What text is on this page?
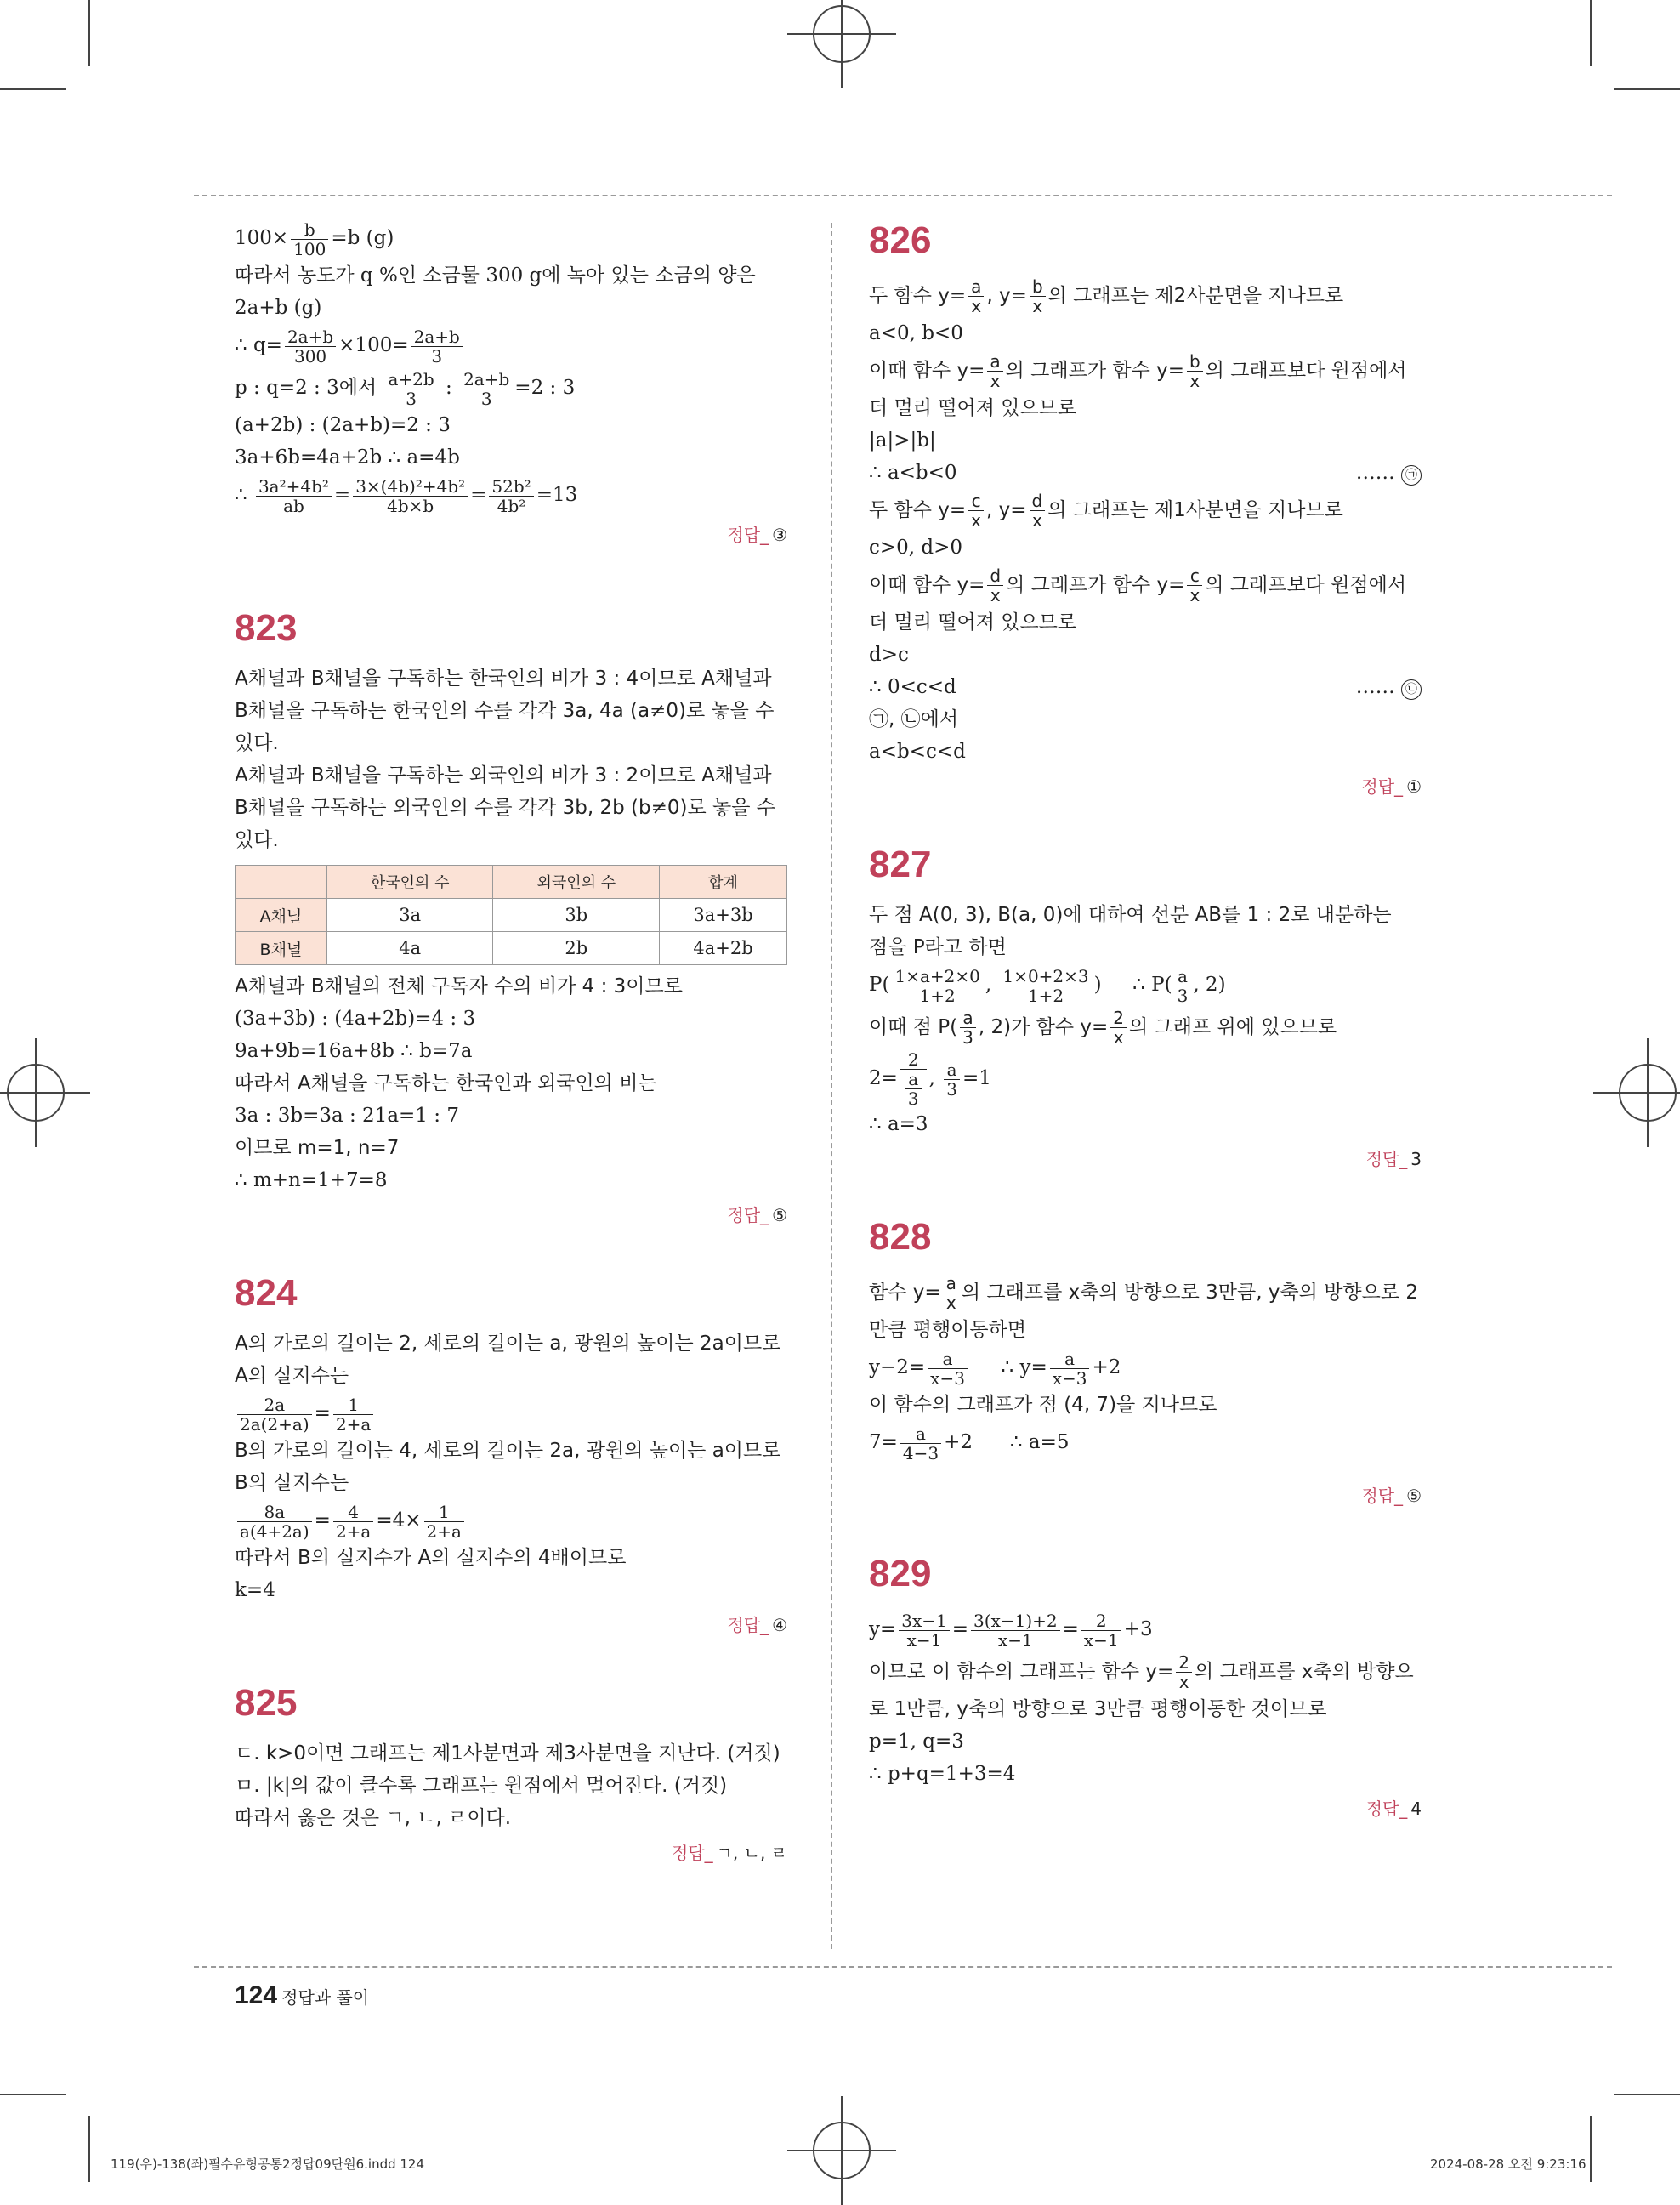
$100\times \frac{b}{100} =b$ (g)
따라서 농도가 q %인 소금물 300 g에 녹아 있는 소금의 양은
2a+b (g)
∴ $q= \frac{2a+b}{300} \times 100= \frac{2a+b}{3}$
p : q=2 : 3에서 $\frac{a+2b}{3}$ : $\frac{2a+b}{3} =2$ : 3
(a+2b) : (2a+b)=2 : 3
3a+6b=4a+2b ∴ a=4b
∴ $\frac{\text{3a²+4b²}}{ab} = \frac{\text{3×(4b)²+4b²}}{4b\times b} = \frac{\text{52b²}}{\text{4b²}} =13$
정답_ ③
823
A채널과 B채널을 구독하는 한국인의 비가 3 : 4이므로 A채널과
B채널을 구독하는 한국인의 수를 각각 3a, 4a (a≠0)로 놓을 수
있다.
A채널과 B채널을 구독하는 외국인의 비가 3 : 2이므로 A채널과
B채널을 구독하는 외국인의 수를 각각 3b, 2b (b≠0)로 놓을 수
있다.
	한국인의 수	외국인의 수	합계
A채널	3a	3b	3a+3b
B채널	4a	2b	4a+2b
A채널과 B채널의 전체 구독자 수의 비가 4 : 3이므로
(3a+3b) : (4a+2b)=4 : 3
9a+9b=16a+8b ∴ b=7a
따라서 A채널을 구독하는 한국인과 외국인의 비는
3a : 3b=3a : 21a=1 : 7
이므로 m=1, n=7
∴ m+n=1+7=8
정답_ ⑤
824
A의 가로의 길이는 2, 세로의 길이는 a, 광원의 높이는 2a이므로
A의 실지수는
$\frac{2a}{2a(2+a)} = \frac{1}{2+a}$
B의 가로의 길이는 4, 세로의 길이는 2a, 광원의 높이는 a이므로
B의 실지수는
$\frac{8a}{a(4+2a)} = \frac{4}{2+a} =4\times \frac{1}{2+a}$
따라서 B의 실지수가 A의 실지수의 4배이므로
k=4
정답_ ④
825
ㄷ. k>0이면 그래프는 제1사분면과 제3사분면을 지난다. (거짓)
ㅁ. |k|의 값이 클수록 그래프는 원점에서 멀어진다. (거짓)
따라서 옳은 것은 ㄱ, ㄴ, ㄹ이다.
정답_ ㄱ, ㄴ, ㄹ
826
두 함수 $y= \frac{a}{x}$ , $y= \frac{b}{x}$ 의 그래프는 제2사분면을 지나므로
a<0, b<0
이때 함수 $y= \frac{a}{x}$ 의 그래프가 함수 $y= \frac{b}{x}$ 의 그래프보다 원점에서
더 멀리 떨어져 있으므로
|a|>|b|
∴ a<b<0	…… ㉠
두 함수 $y= \frac{c}{x}$ , $y= \frac{d}{x}$ 의 그래프는 제1사분면을 지나므로
c>0, d>0
이때 함수 $y= \frac{d}{x}$ 의 그래프가 함수 $y= \frac{c}{x}$ 의 그래프보다 원점에서
더 멀리 떨어져 있으므로
d>c
∴ 0<c<d	…… ㉡
㉠, ㉡에서
a<b<c<d
정답_ ①
827
두 점 A(0, 3), B(a, 0)에 대하여 선분 AB를 1 : 2로 내분하는
점을 P라고 하면
$P( \frac{1\times a+2\times 0}{1+2}$ , $\frac{1\times 0+2\times 3}{1+2}$ )     ∴ $P( \frac{a}{3}$ , 2)
이때 점 $P( \frac{a}{3}$ , 2)가 함수 $y= \frac{2}{x}$ 의 그래프 위에 있으므로
$2= \frac{2}{\frac{a}{3}}$ , $\frac{a}{3} =1$
∴ a=3
정답_ 3
828
함수 $y= \frac{a}{x}$ 의 그래프를 x축의 방향으로 3만큼, y축의 방향으로 2
만큼 평행이동하면
$y-2= \frac{a}{x-3}$ ∴ $y= \frac{a}{x-3} +2$
이 함수의 그래프가 점 (4, 7)을 지나므로
$7= \frac{a}{4-3} +2$ ∴ a=5
정답_ ⑤
829
$y= \frac{3x-1}{x-1} = \frac{3(x-1)+2}{x-1} = \frac{2}{x-1} +3$
이므로 이 함수의 그래프는 함수 $y= \frac{2}{x}$ 의 그래프를 x축의 방향으
로 1만큼, y축의 방향으로 3만큼 평행이동한 것이므로
p=1, q=3
∴ p+q=1+3=4
정답_ 4
124 정답과 풀이
119(우)-138(좌)필수유형공통2정답09단원6.indd 124	2024-08-28 오전 9:23:16
